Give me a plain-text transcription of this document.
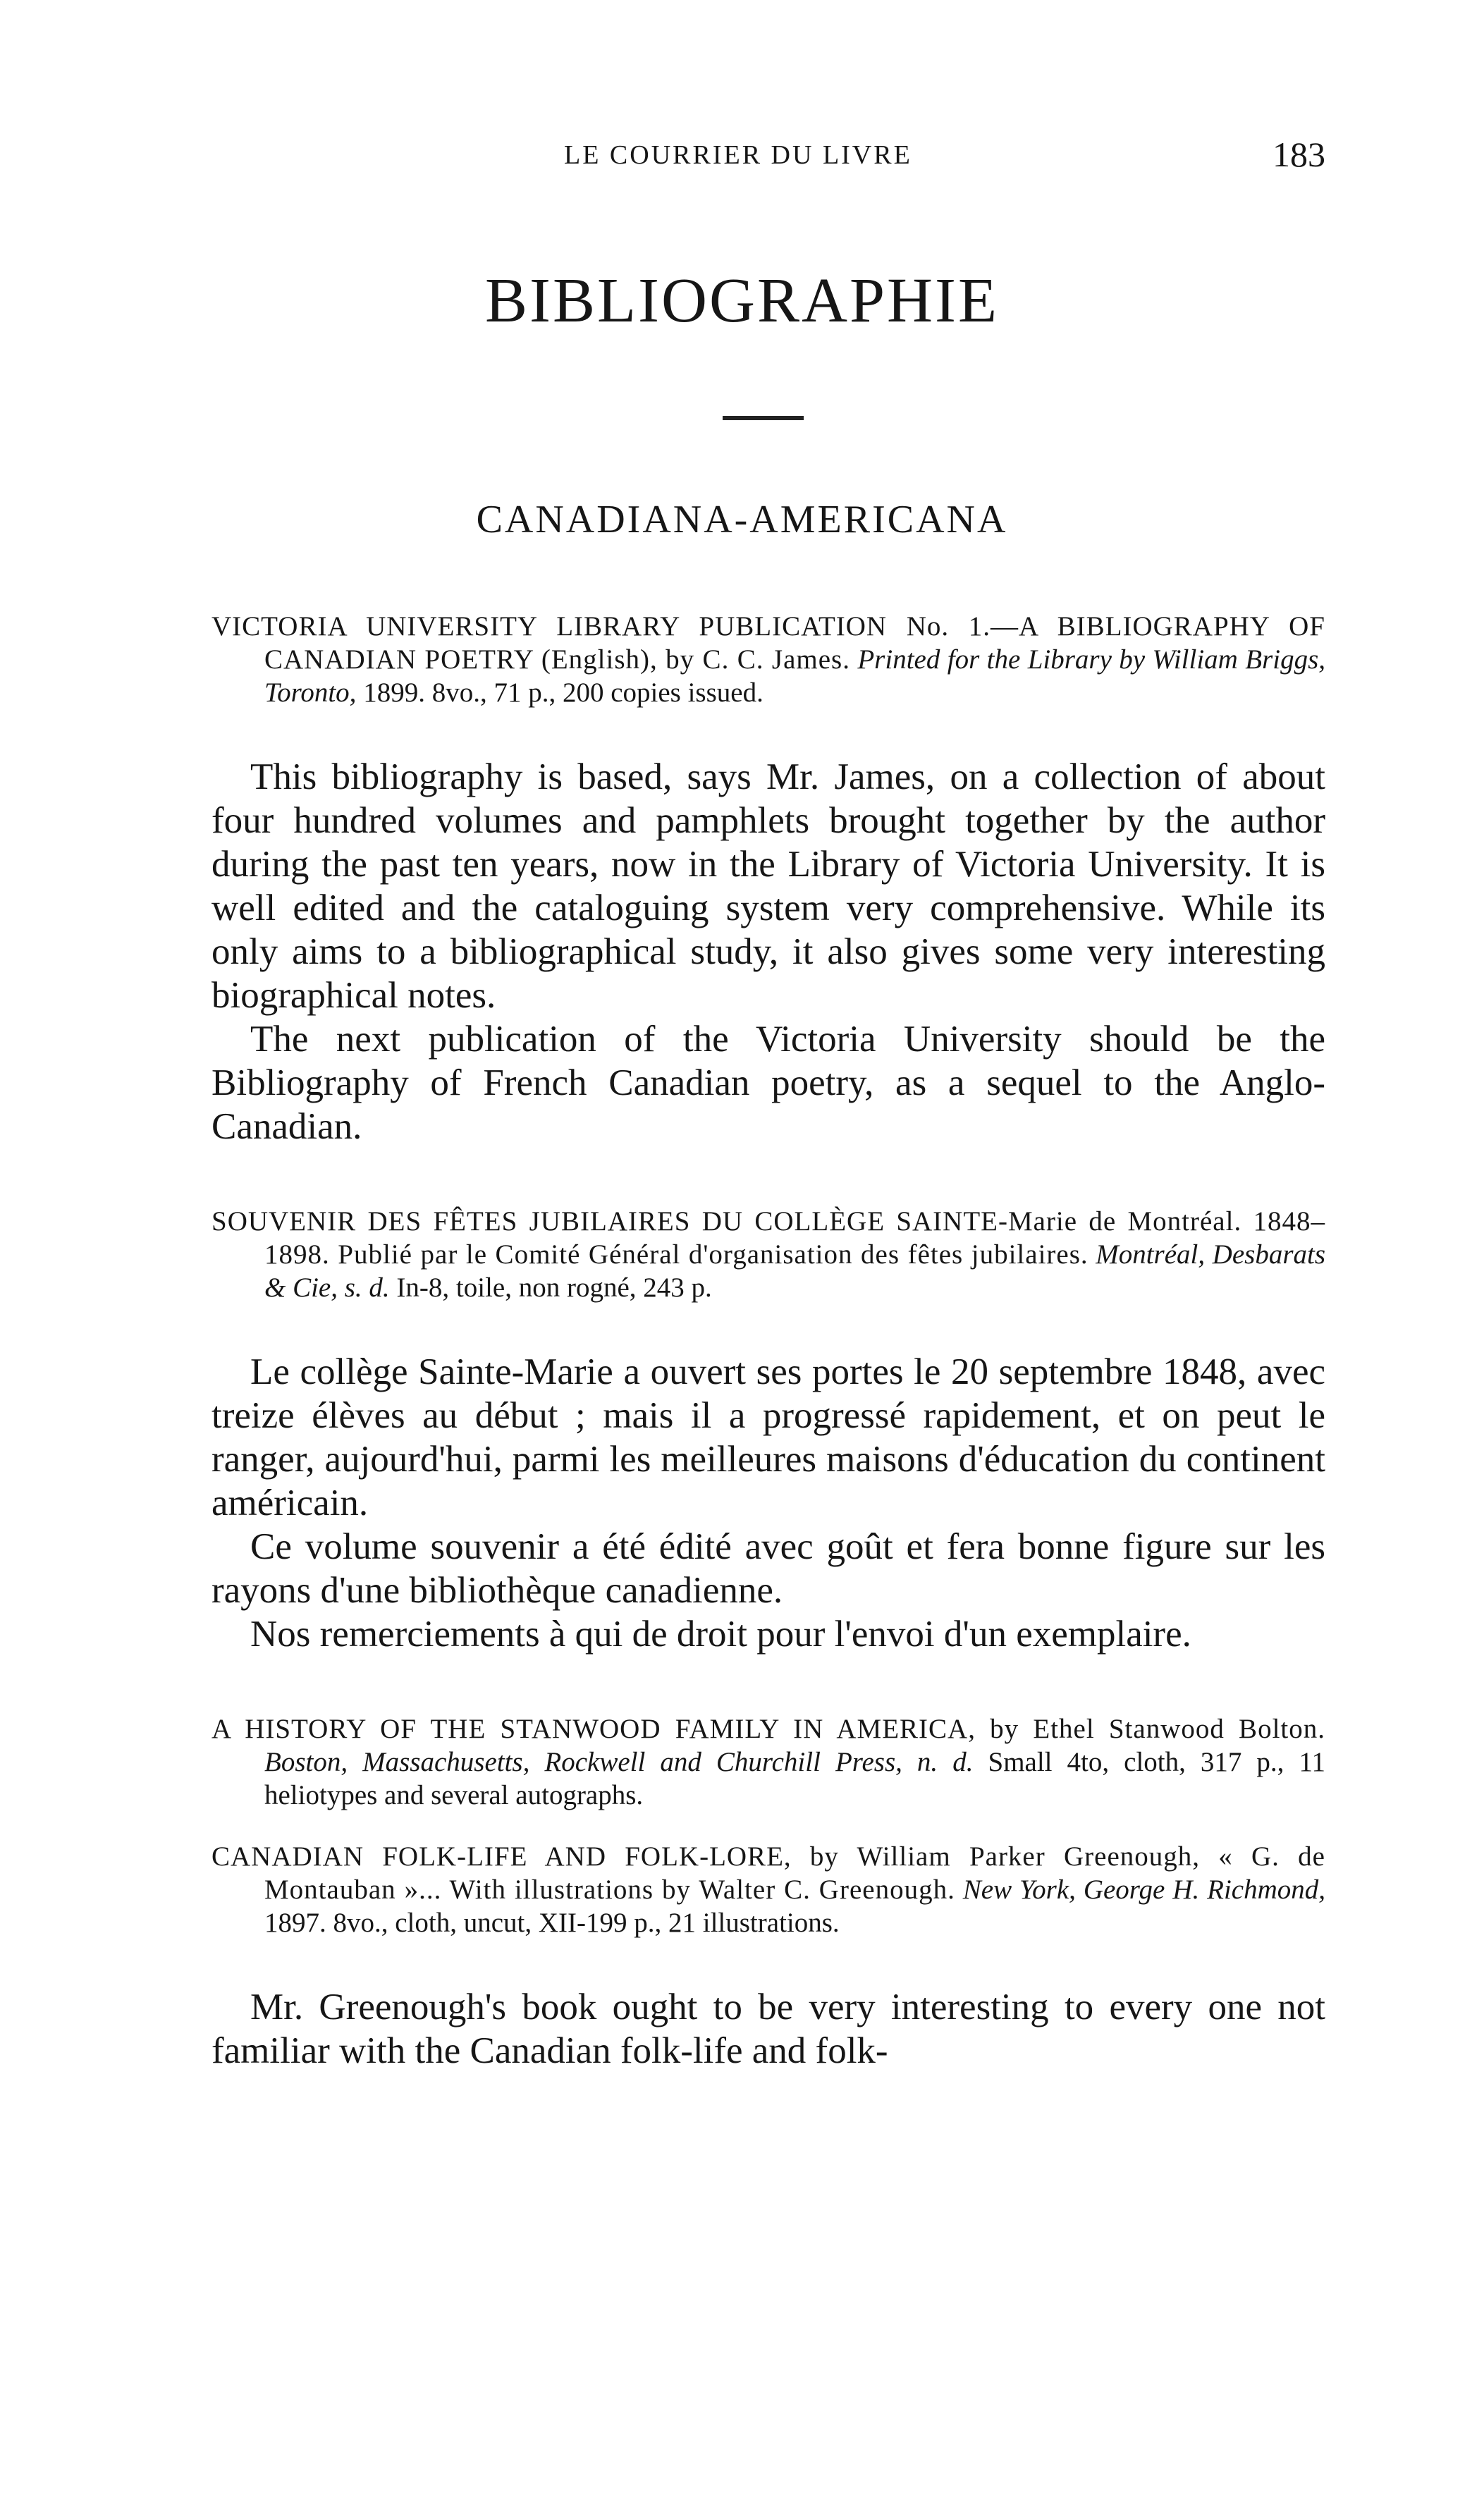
LE COURRIER DU LIVRE	183
BIBLIOGRAPHIE
CANADIANA-AMERICANA

VICTORIA UNIVERSITY LIBRARY PUBLICATION No. 1.—A BIBLIOGRAPHY OF CANADIAN POETRY (English), by C. C. James. Printed for the Library by William Briggs, Toronto, 1899. 8vo., 71 p., 200 copies issued.

This bibliography is based, says Mr. James, on a collection of about four hundred volumes and pamphlets brought together by the author during the past ten years, now in the Library of Victoria University. It is well edited and the cataloguing system very comprehensive. While its only aims to a bibliographical study, it also gives some very interesting biographical notes.

The next publication of the Victoria University should be the Bibliography of French Canadian poetry, as a sequel to the Anglo-Canadian.

SOUVENIR DES FÊTES JUBILAIRES DU COLLÈGE SAINTE-Marie de Montréal. 1848–1898. Publié par le Comité Général d'organisation des fêtes jubilaires. Montréal, Desbarats & Cie, s. d. In-8, toile, non rogné, 243 p.

Le collège Sainte-Marie a ouvert ses portes le 20 septembre 1848, avec treize élèves au début ; mais il a progressé rapidement, et on peut le ranger, aujourd'hui, parmi les meilleures maisons d'éducation du continent américain.

Ce volume souvenir a été édité avec goût et fera bonne figure sur les rayons d'une bibliothèque canadienne.

Nos remerciements à qui de droit pour l'envoi d'un exemplaire.

A HISTORY OF THE STANWOOD FAMILY IN AMERICA, by Ethel Stanwood Bolton. Boston, Massachusetts, Rockwell and Churchill Press, n. d. Small 4to, cloth, 317 p., 11 heliotypes and several autographs.

CANADIAN FOLK-LIFE AND FOLK-LORE, by William Parker Greenough, « G. de Montauban »... With illustrations by Walter C. Greenough. New York, George H. Richmond, 1897. 8vo., cloth, uncut, XII-199 p., 21 illustrations.

Mr. Greenough's book ought to be very interesting to every one not familiar with the Canadian folk-life and folk-
